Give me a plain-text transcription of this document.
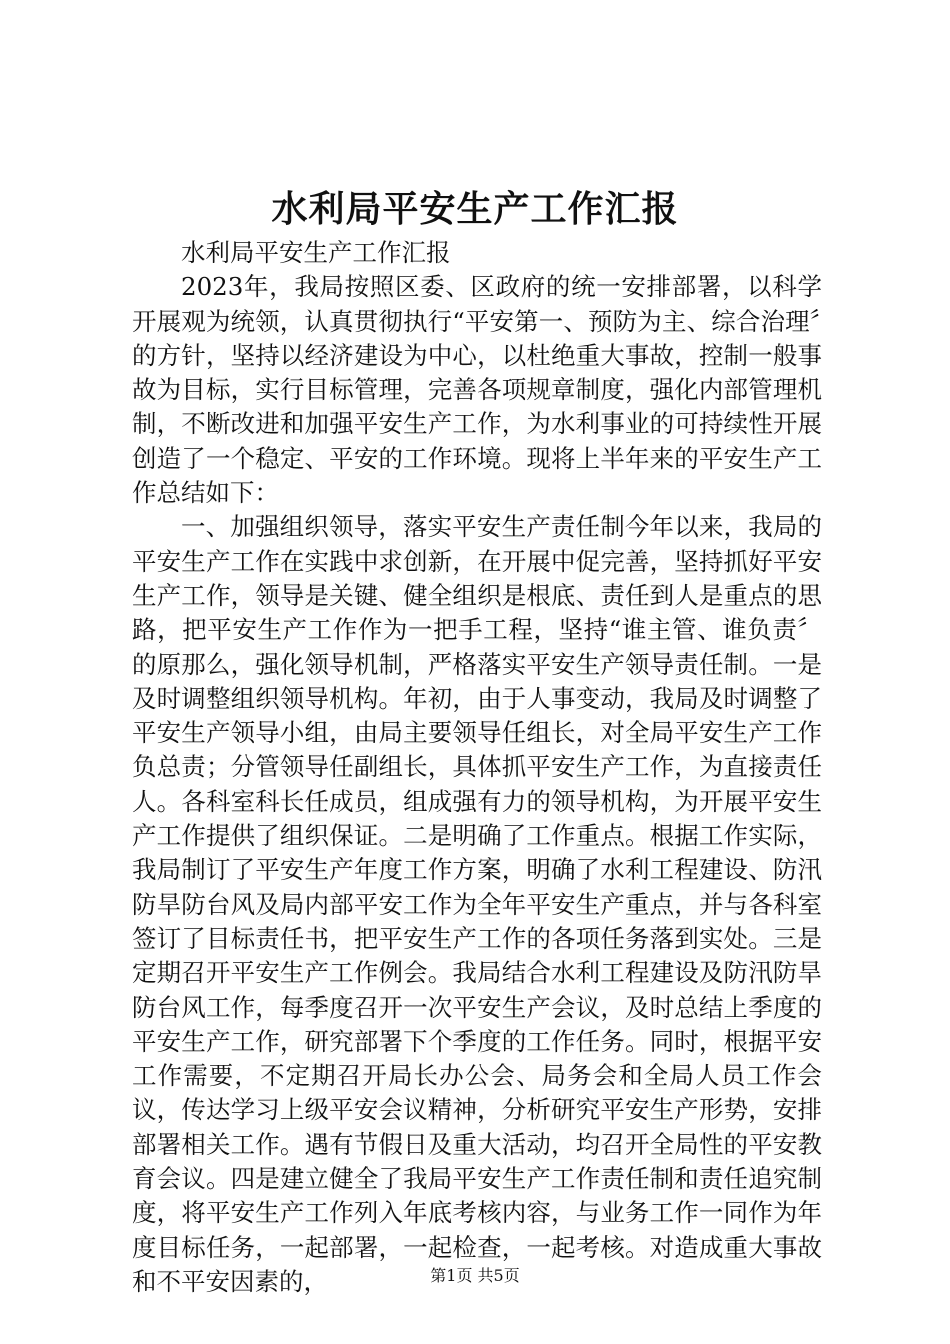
水利局平安生产工作汇报

水利局平安生产工作汇报

2023年，我局按照区委、区政府的统一安排部署，以科学开展观为统领，认真贯彻执行“平安第一、预防为主、综合治理〞的方针，坚持以经济建设为中心，以杜绝重大事故，控制一般事故为目标，实行目标管理，完善各项规章制度，强化内部管理机制，不断改进和加强平安生产工作，为水利事业的可持续性开展创造了一个稳定、平安的工作环境。现将上半年来的平安生产工作总结如下：

一、加强组织领导，落实平安生产责任制今年以来，我局的平安生产工作在实践中求创新，在开展中促完善，坚持抓好平安生产工作，领导是关键、健全组织是根底、责任到人是重点的思路，把平安生产工作作为一把手工程，坚持“谁主管、谁负责〞的原那么，强化领导机制，严格落实平安生产领导责任制。一是及时调整组织领导机构。年初，由于人事变动，我局及时调整了平安生产领导小组，由局主要领导任组长，对全局平安生产工作负总责；分管领导任副组长，具体抓平安生产工作，为直接责任人。各科室科长任成员，组成强有力的领导机构，为开展平安生产工作提供了组织保证。二是明确了工作重点。根据工作实际，我局制订了平安生产年度工作方案，明确了水利工程建设、防汛防旱防台风及局内部平安工作为全年平安生产重点，并与各科室签订了目标责任书，把平安生产工作的各项任务落到实处。三是定期召开平安生产工作例会。我局结合水利工程建设及防汛防旱防台风工作，每季度召开一次平安生产会议，及时总结上季度的平安生产工作，研究部署下个季度的工作任务。同时，根据平安工作需要，不定期召开局长办公会、局务会和全局人员工作会议，传达学习上级平安会议精神，分析研究平安生产形势，安排部署相关工作。遇有节假日及重大活动，均召开全局性的平安教育会议。四是建立健全了我局平安生产工作责任制和责任追究制度，将平安生产工作列入年底考核内容，与业务工作一同作为年度目标任务，一起部署，一起检查，一起考核。对造成重大事故和不平安因素的，	第1页 共5页
